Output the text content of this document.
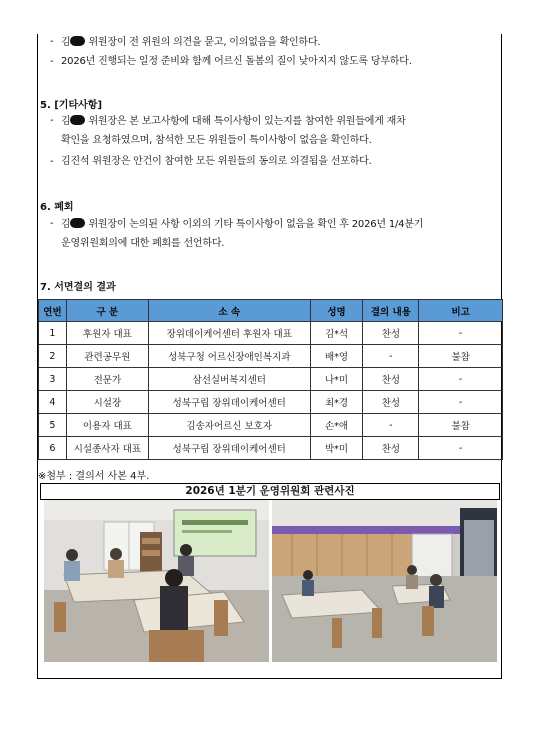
- 김 위원장이 전 위원의 의견을 묻고, 이의없음을 확인하다.
- 2026년 진행되는 일정 준비와 함께 어르신 돌봄의 질이 낮아지지 않도록 당부하다.
5. [기타사항]
- 김 위원장은 본 보고사항에 대해 특이사항이 있는지를 참여한 위원들에게 재차
확인을 요청하였으며, 참석한 모든 위원들이 특이사항이 없음을 확인하다.
- 김진석 위원장은 안건이 참여한 모든 위원들의 동의로 의결됨을 선포하다.
6. 폐회
- 김 위원장이 논의된 사항 이외의 기타 특이사항이 없음을 확인 후 2026년 1/4분기
운영위원회의에 대한 폐회를 선언하다.
7. 서면결의 결과
연번	구 분	소 속	성명	결의 내용	비고
1	후원자 대표	장위데이케어센터 후원자 대표	김*석	찬성	-
2	관련공무원	성북구청 어르신장애인복지과	배*영	-	불참
3	전문가	삼선실버복지센터	나*미	찬성	-
4	시설장	성북구립 장위데이케어센터	최*경	찬성	-
5	이용자 대표	김송자어르신 보호자	손*애	-	불참
6	시설종사자 대표	성북구립 장위데이케어센터	박*미	찬성	-
※첨부 : 결의서 사본 4부.
2026년 1분기 운영위원회 관련사진
